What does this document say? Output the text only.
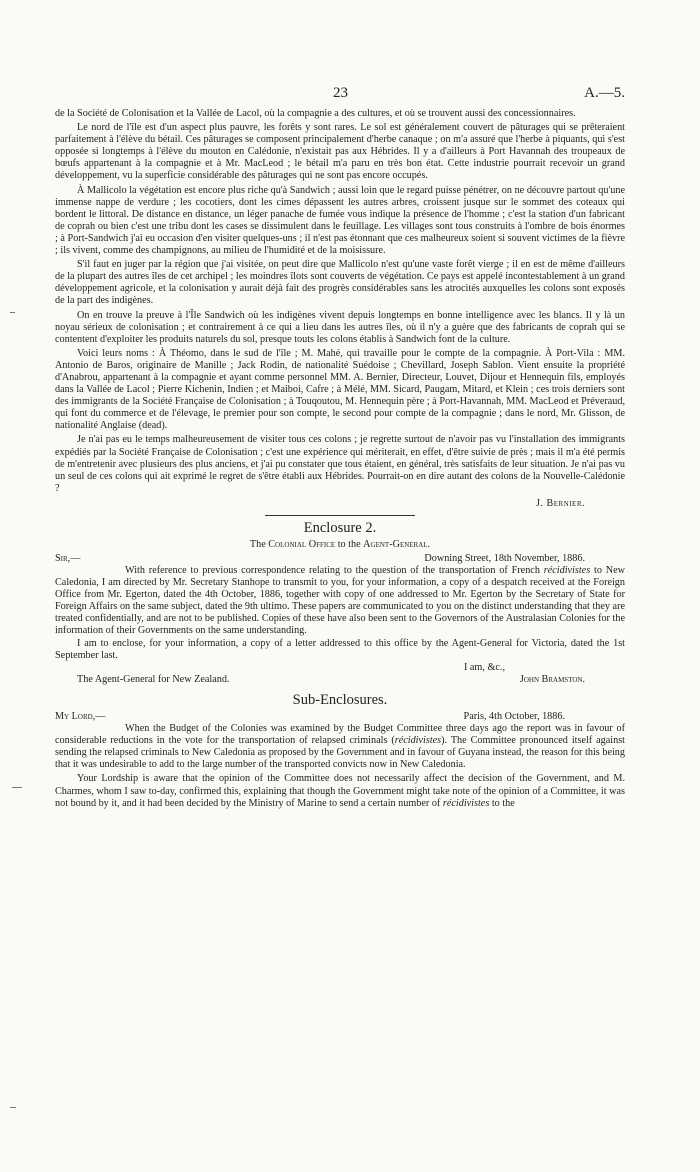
23	A.—5.

de la Société de Colonisation et la Vallée de Lacol, où la compagnie a des cultures, et où se trouvent aussi des concessionnaires.

Le nord de l'île est d'un aspect plus pauvre, les forêts y sont rares. Le sol est généralement couvert de pâturages qui se prêteraient parfaitement à l'élève du bétail. Ces pâturages se composent principalement d'herbe canaque ; on m'a assuré que l'herbe à piquants, qui s'est opposée si longtemps à l'élève du mouton en Calédonie, n'existait pas aux Hébrides. Il y a d'ailleurs à Port Havannah des troupeaux de bœufs appartenant à la compagnie et à Mr. MacLeod ; le bétail m'a paru en très bon état. Cette industrie pourrait recevoir un grand développement, vu la superficie considérable des pâturages qui ne sont pas encore occupés.

À Mallicolo la végétation est encore plus riche qu'à Sandwich ; aussi loin que le regard puisse pénétrer, on ne découvre partout qu'une immense nappe de verdure ; les cocotiers, dont les cimes dépassent les autres arbres, croissent jusque sur le sommet des coteaux qui bordent le littoral. De distance en distance, un léger panache de fumée vous indique la présence de l'homme ; c'est la station d'un fabricant de coprah ou bien c'est une tribu dont les cases se dissimulent dans le feuillage. Les villages sont tous construits à l'ombre de bois énormes ; à Port-Sandwich j'ai eu occasion d'en visiter quelques-uns ; il n'est pas étonnant que ces malheureux soient si souvent victimes de la fièvre ; ils vivent, comme des champignons, au milieu de l'humidité et de la moisissure.

S'il faut en juger par la région que j'ai visitée, on peut dire que Mallicolo n'est qu'une vaste forêt vierge ; il en est de même d'ailleurs de la plupart des autres îles de cet archipel ; les moindres îlots sont couverts de végétation. Ce pays est appelé incontestablement à un grand développement agricole, et la colonisation y aurait déjà fait des progrès considérables sans les atrocités auxquelles les colons sont exposés de la part des indigènes.

On en trouve la preuve à l'Île Sandwich où les indigènes vivent depuis longtemps en bonne intelligence avec les blancs. Il y là un noyau sérieux de colonisation ; et contrairement à ce qui a lieu dans les autres îles, où il n'y a guère que des fabricants de coprah qui se contentent d'exploiter les produits naturels du sol, presque touts les colons établis à Sandwich font de la culture.

Voici leurs noms : À Théomo, dans le sud de l'île ; M. Mahé, qui travaille pour le compte de la compagnie. À Port-Vila : MM. Antonio de Baros, originaire de Manille ; Jack Rodin, de nationalité Suédoise ; Chevillard, Joseph Sablon. Vient ensuite la propriété d'Anabrou, appartenant à la compagnie et ayant comme personnel MM. A. Bernier, Directeur, Louvet, Dijour et Hennequin fils, employés dans la Vallée de Lacol ; Pierre Kichenin, Indien ; et Maiboi, Cafre ; à Mélé, MM. Sicard, Paugam, Mitard, et Klein ; ces trois derniers sont des immigrants de la Société Française de Colonisation ; à Touqoutou, M. Hennequin père ; à Port-Havannah, MM. MacLeod et Préveraud, qui font du commerce et de l'élevage, le premier pour son compte, le second pour compte de la compagnie ; dans le nord, Mr. Glisson, de nationalité Anglaise (dead).

Je n'ai pas eu le temps malheureusement de visiter tous ces colons ; je regrette surtout de n'avoir pas vu l'installation des immigrants expédiés par la Société Française de Colonisation ; c'est une expérience qui mériterait, en effet, d'être suivie de près ; mais il m'a été permis de m'entretenir avec plusieurs des plus anciens, et j'ai pu constater que tous étaient, en général, très satisfaits de leur situation. Je n'ai pas vu un seul de ces colons qui ait exprimé le regret de s'être établi aux Hébrides. Pourrait-on en dire autant des colons de la Nouvelle-Calédonie ?

J. Bernier.
Enclosure 2.
The Colonial Office to the Agent-General.
Sir,—	Downing Street, 18th November, 1886.

With reference to previous correspondence relating to the question of the transportation of French récidivistes to New Caledonia, I am directed by Mr. Secretary Stanhope to transmit to you, for your information, a copy of a despatch received at the Foreign Office from Mr. Egerton, dated the 4th October, 1886, together with copy of one addressed to Mr. Egerton by the Secretary of State for Foreign Affairs on the same subject, dated the 9th ultimo. These papers are communicated to you on the distinct understanding that they are treated confidentially, and are not to be published. Copies of these have also been sent to the Governors of the Australasian Colonies for the information of their Governments on the same understanding.

I am to enclose, for your information, a copy of a letter addressed to this office by the Agent-General for Victoria, dated the 1st September last.

I am, &c.,
The Agent-General for New Zealand.	John Bramston.
Sub-Enclosures.
My Lord,—	Paris, 4th October, 1886.

When the Budget of the Colonies was examined by the Budget Committee three days ago the report was in favour of considerable reductions in the vote for the transportation of relapsed criminals (récidivistes). The Committee pronounced itself against sending the relapsed criminals to New Caledonia as proposed by the Government and in favour of Guyana instead, the reason for this being that it was undesirable to add to the large number of the transported convicts now in New Caledonia.

Your Lordship is aware that the opinion of the Committee does not necessarily affect the decision of the Government, and M. Charmes, whom I saw to-day, confirmed this, explaining that though the Government might take note of the opinion of a Committee, it was not bound by it, and it had been decided by the Ministry of Marine to send a certain number of récidivistes to the
